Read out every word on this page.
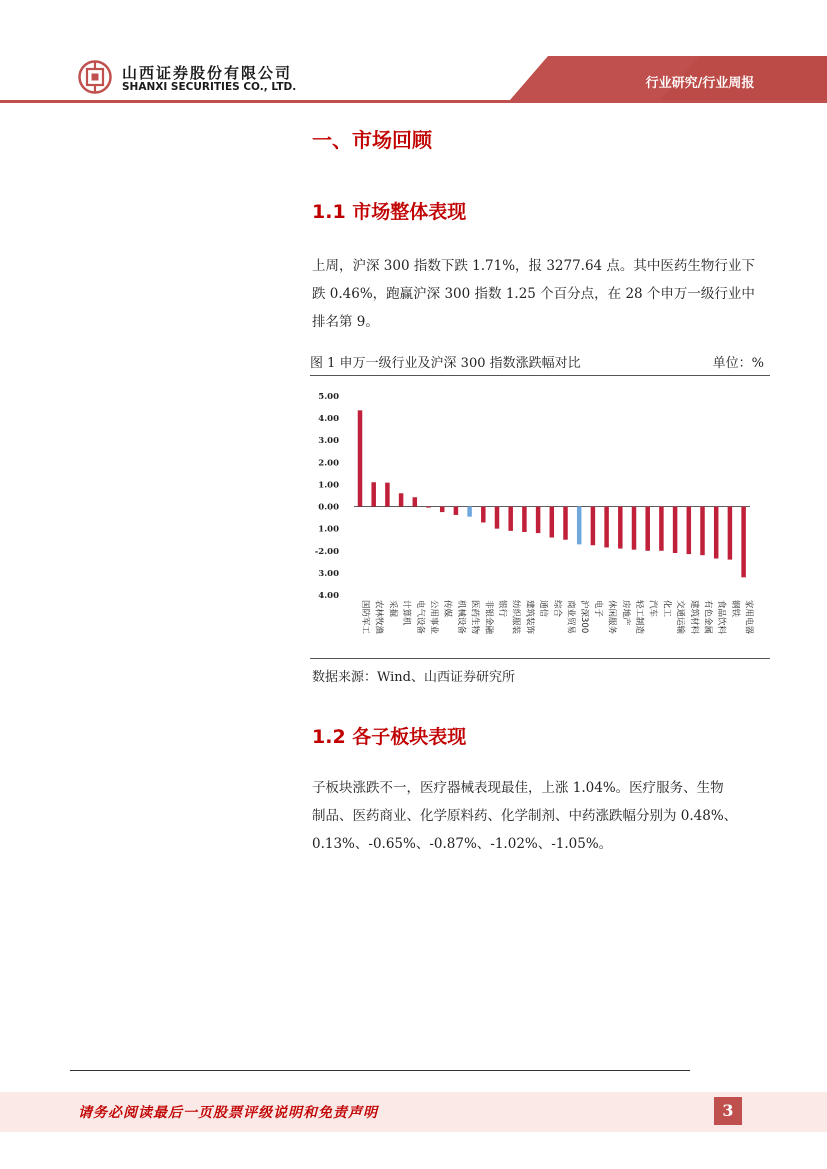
山西证券股份有限公司
SHANXI SECURITIES CO., LTD.	行业研究/行业周报
一、市场回顾
1.1 市场整体表现
上周，沪深 300 指数下跌 1.71%，报 3277.64 点。其中医药生物行业下
跌 0.46%，跑赢沪深 300 指数 1.25 个百分点，在 28 个申万一级行业中
排名第 9。
图 1 申万一级行业及沪深 300 指数涨跌幅对比	单位：%
5.00
4.00
3.00
2.00
1.00
0.00
1.00
-2.00
3.00
4.00
国防军工 农林牧渔 采掘 计算机 电气设备 公用事业 传媒 机械设备 医药生物 非银金融 银行 纺织服装 建筑装饰 通信 综合 商业贸易 沪深300 电子 休闲服务 房地产 轻工制造 汽车 化工 交通运输 建筑材料 有色金属 食品饮料 钢铁 家用电器
数据来源：Wind、山西证券研究所
1.2 各子板块表现
子板块涨跌不一，医疗器械表现最佳，上涨 1.04%。医疗服务、生物
制品、医药商业、化学原料药、化学制剂、中药涨跌幅分别为 0.48%、
0.13%、-0.65%、-0.87%、-1.02%、-1.05%。
请务必阅读最后一页股票评级说明和免责声明	3
